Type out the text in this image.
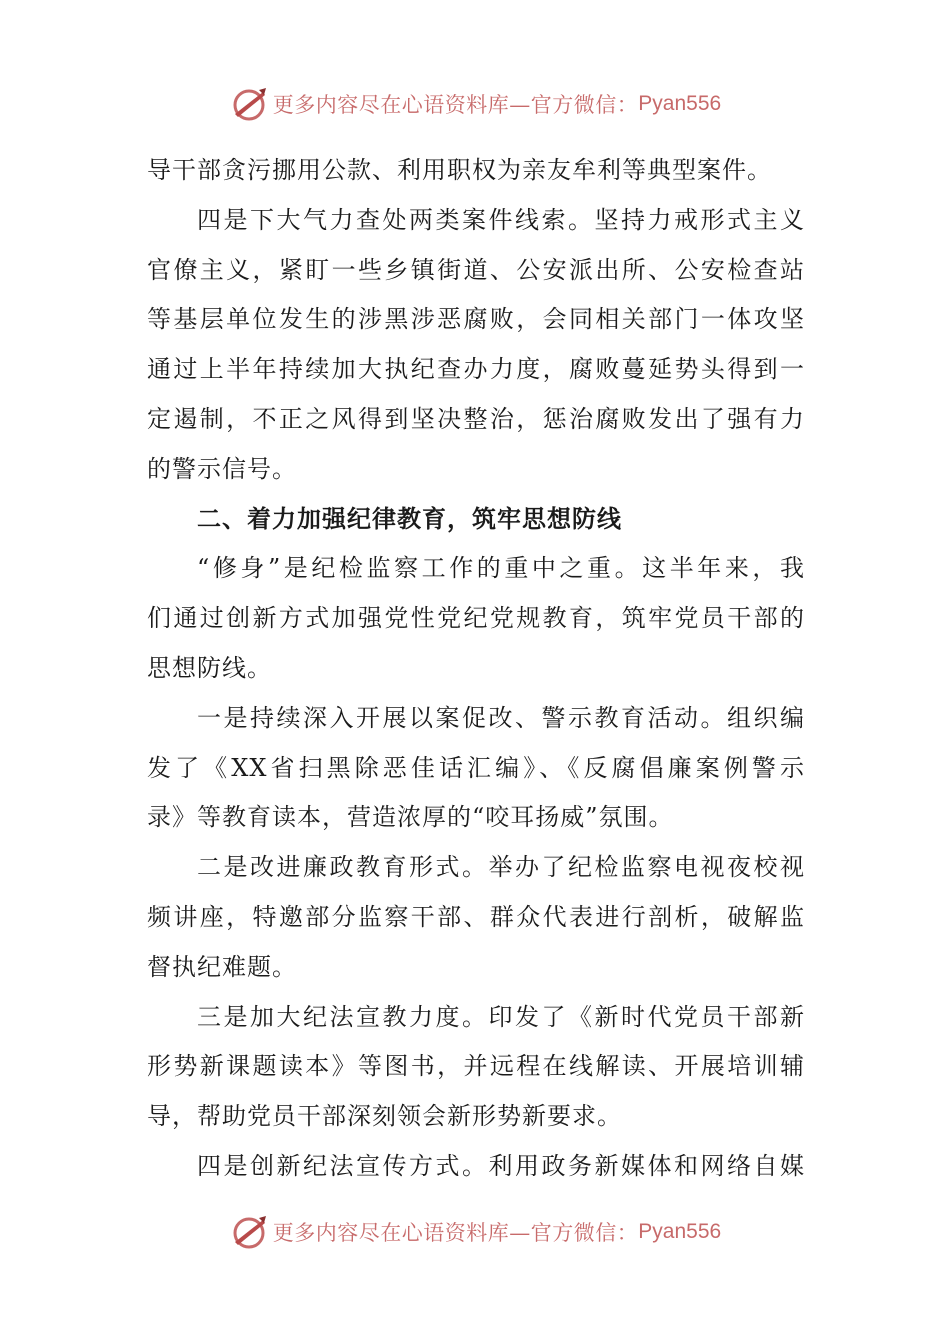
更多内容尽在心语资料库—官方微信： Pyan556
导干部贪污挪用公款、利用职权为亲友牟利等典型案件。
四是下大气力查处两类案件线索。坚持力戒形式主义
官僚主义，紧盯一些乡镇街道、公安派出所、公安检查站
等基层单位发生的涉黑涉恶腐败，会同相关部门一体攻坚
通过上半年持续加大执纪查办力度，腐败蔓延势头得到一
定遏制，不正之风得到坚决整治，惩治腐败发出了强有力
的警示信号。
二、着力加强纪律教育，筑牢思想防线
“修身”是纪检监察工作的重中之重。这半年来，我
们通过创新方式加强党性党纪党规教育，筑牢党员干部的
思想防线。
一是持续深入开展以案促改、警示教育活动。组织编
发了《XX省扫黑除恶佳话汇编》、《反腐倡廉案例警示
录》等教育读本，营造浓厚的“咬耳扬威”氛围。
二是改进廉政教育形式。举办了纪检监察电视夜校视
频讲座，特邀部分监察干部、群众代表进行剖析，破解监
督执纪难题。
三是加大纪法宣教力度。印发了《新时代党员干部新
形势新课题读本》等图书，并远程在线解读、开展培训辅
导，帮助党员干部深刻领会新形势新要求。
四是创新纪法宣传方式。利用政务新媒体和网络自媒
更多内容尽在心语资料库—官方微信： Pyan556
